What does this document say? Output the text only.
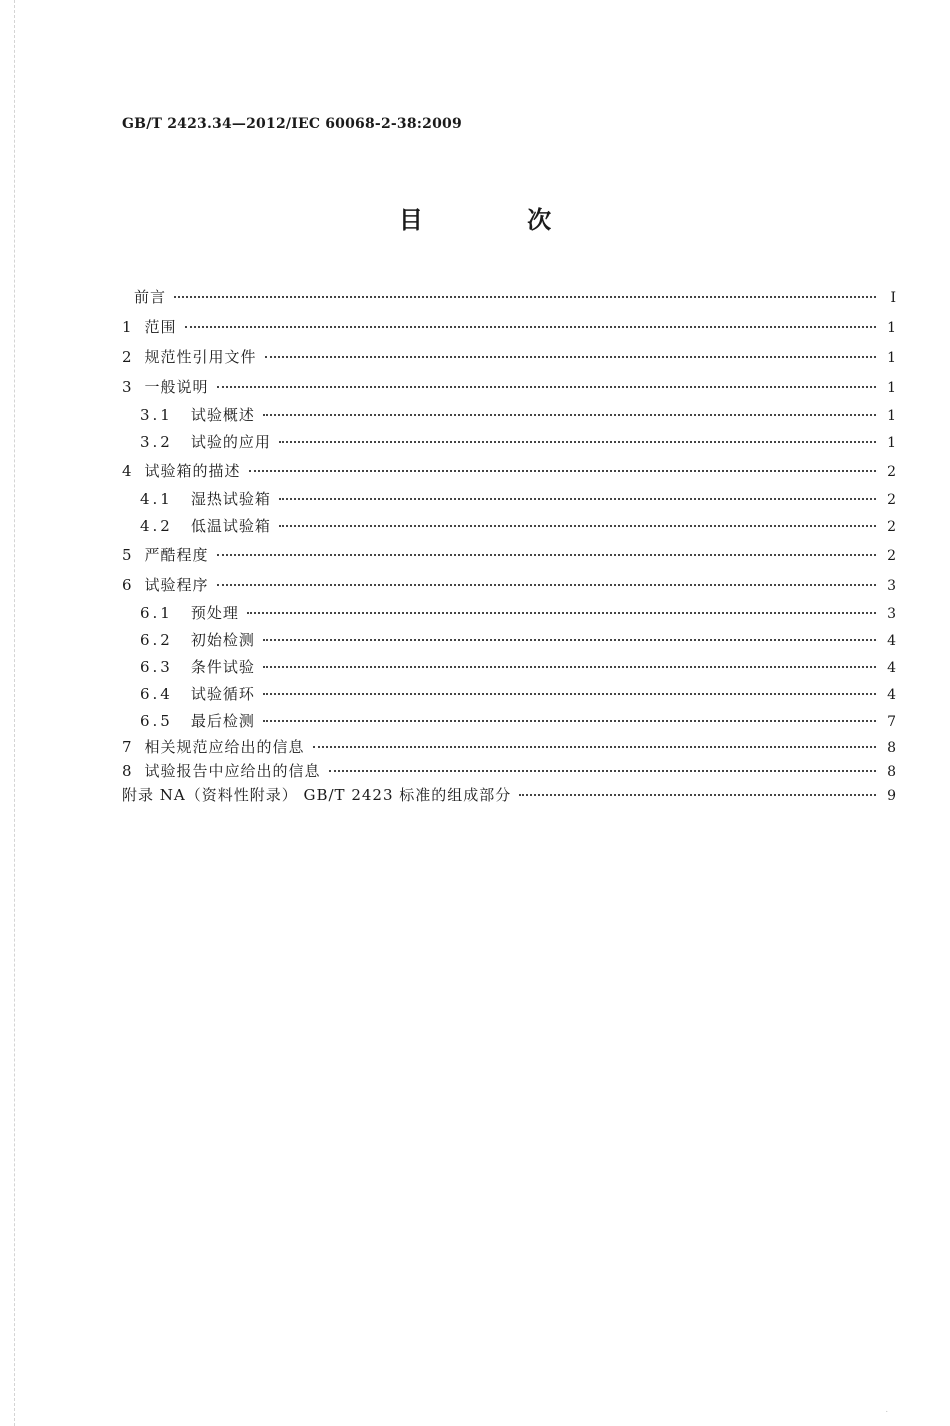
GB/T 2423.34—2012/IEC 60068-2-38:2009
目 次
前言	Ⅰ
1 范围	1
2 规范性引用文件	1
3 一般说明	1
3.1 试验概述	1
3.2 试验的应用	1
4 试验箱的描述	2
4.1 湿热试验箱	2
4.2 低温试验箱	2
5 严酷程度	2
6 试验程序	3
6.1 预处理	3
6.2 初始检测	4
6.3 条件试验	4
6.4 试验循环	4
6.5 最后检测	7
7 相关规范应给出的信息	8
8 试验报告中应给出的信息	8
附录 NA（资料性附录） GB/T 2423 标准的组成部分	9
.
